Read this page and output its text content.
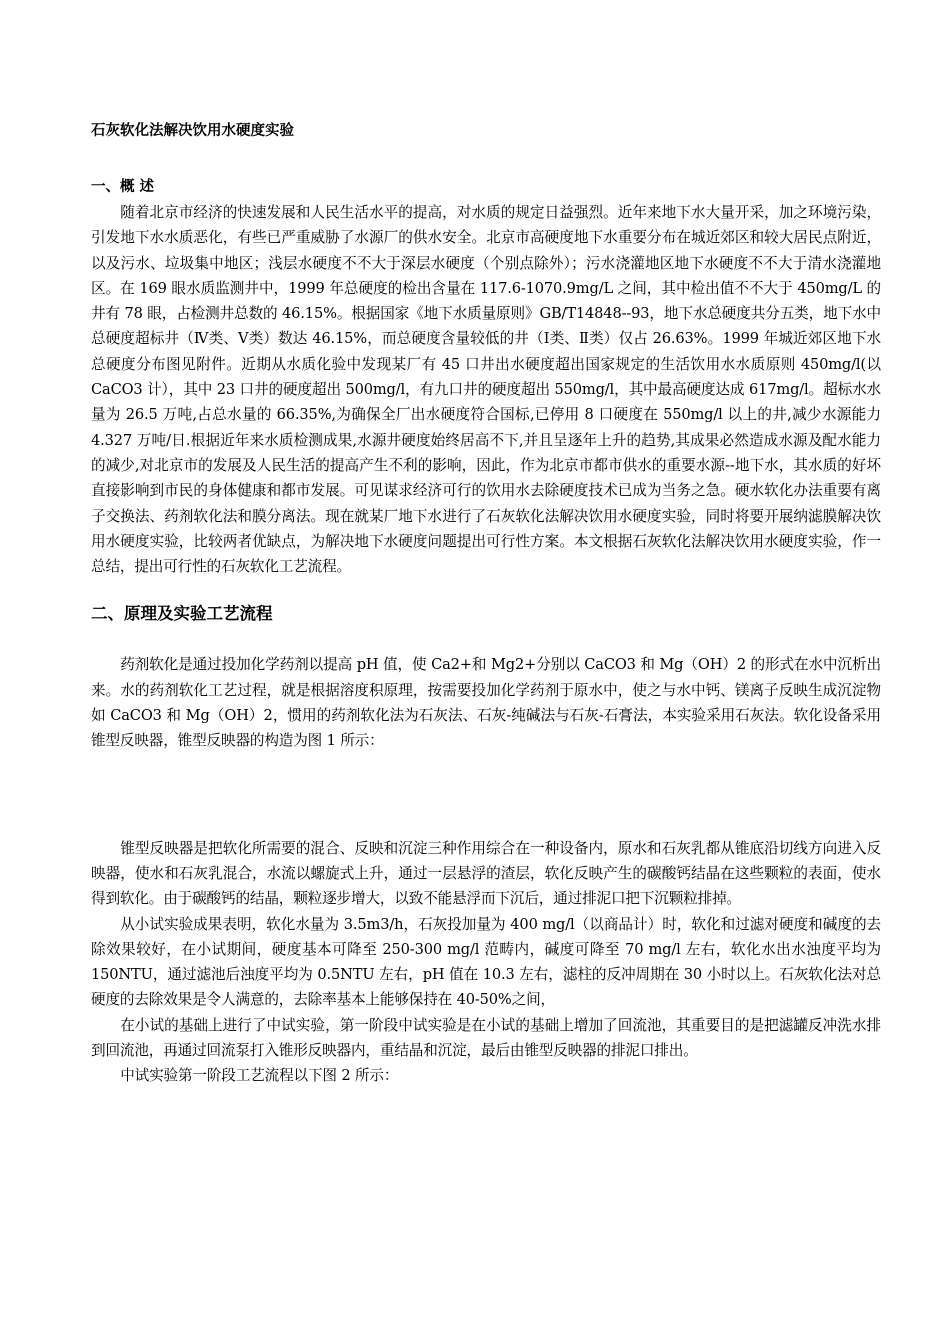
石灰软化法解决饮用水硬度实验
一、概 述

随着北京市经济的快速发展和人民生活水平的提高，对水质的规定日益强烈。近年来地下水大量开采，加之环境污染，引发地下水水质恶化，有些已严重威胁了水源厂的供水安全。北京市高硬度地下水重要分布在城近郊区和较大居民点附近，以及污水、垃圾集中地区；浅层水硬度不不大于深层水硬度（个别点除外）；污水浇灌地区地下水硬度不不大于清水浇灌地区。在 169 眼水质监测井中，1999 年总硬度的检出含量在 117.6-1070.9mg/L 之间，其中检出值不不大于 450mg/L 的井有 78 眼，占检测井总数的 46.15%。根据国家《地下水质量原则》GB/T14848--93，地下水总硬度共分五类，地下水中总硬度超标井（Ⅳ类、Ⅴ类）数达 46.15%，而总硬度含量较低的井（Ⅰ类、Ⅱ类）仅占 26.63%。1999 年城近郊区地下水总硬度分布图见附件。近期从水质化验中发现某厂有 45 口井出水硬度超出国家规定的生活饮用水水质原则 450mg/l(以 CaCO3 计），其中 23 口井的硬度超出 500mg/l，有九口井的硬度超出 550mg/l，其中最高硬度达成 617mg/l。超标水水量为 26.5 万吨,占总水量的 66.35%,为确保全厂出水硬度符合国标,已停用 8 口硬度在 550mg/l 以上的井,减少水源能力 4.327 万吨/日.根据近年来水质检测成果,水源井硬度始终居高不下,并且呈逐年上升的趋势,其成果必然造成水源及配水能力的减少,对北京市的发展及人民生活的提高产生不利的影响，因此，作为北京市都市供水的重要水源--地下水，其水质的好坏直接影响到市民的身体健康和都市发展。可见谋求经济可行的饮用水去除硬度技术已成为当务之急。硬水软化办法重要有离子交换法、药剂软化法和膜分离法。现在就某厂地下水进行了石灰软化法解决饮用水硬度实验，同时将要开展纳滤膜解决饮用水硬度实验，比较两者优缺点，为解决地下水硬度问题提出可行性方案。本文根据石灰软化法解决饮用水硬度实验，作一总结，提出可行性的石灰软化工艺流程。

二、原理及实验工艺流程

药剂软化是通过投加化学药剂以提高 pH 值，使 Ca2+和 Mg2+分别以 CaCO3 和 Mg（OH）2 的形式在水中沉析出来。水的药剂软化工艺过程，就是根据溶度积原理，按需要投加化学药剂于原水中，使之与水中钙、镁离子反映生成沉淀物如 CaCO3 和 Mg（OH）2，惯用的药剂软化法为石灰法、石灰-纯碱法与石灰-石膏法，本实验采用石灰法。软化设备采用锥型反映器，锥型反映器的构造为图 1 所示：

锥型反映器是把软化所需要的混合、反映和沉淀三种作用综合在一种设备内，原水和石灰乳都从锥底沿切线方向进入反映器，使水和石灰乳混合，水流以螺旋式上升，通过一层悬浮的渣层，软化反映产生的碳酸钙结晶在这些颗粒的表面，使水得到软化。由于碳酸钙的结晶，颗粒逐步增大，以致不能悬浮而下沉后，通过排泥口把下沉颗粒排掉。

从小试实验成果表明，软化水量为 3.5m3/h，石灰投加量为 400 mg/l（以商品计）时，软化和过滤对硬度和碱度的去除效果较好，在小试期间，硬度基本可降至 250-300 mg/l 范畴内，碱度可降至 70 mg/l 左右，软化水出水浊度平均为 150NTU，通过滤池后浊度平均为 0.5NTU 左右，pH 值在 10.3 左右，滤柱的反冲周期在 30 小时以上。石灰软化法对总硬度的去除效果是令人满意的，去除率基本上能够保持在 40-50%之间，

在小试的基础上进行了中试实验，第一阶段中试实验是在小试的基础上增加了回流池，其重要目的是把滤罐反冲洗水排到回流池，再通过回流泵打入锥形反映器内，重结晶和沉淀，最后由锥型反映器的排泥口排出。

中试实验第一阶段工艺流程以下图 2 所示：
